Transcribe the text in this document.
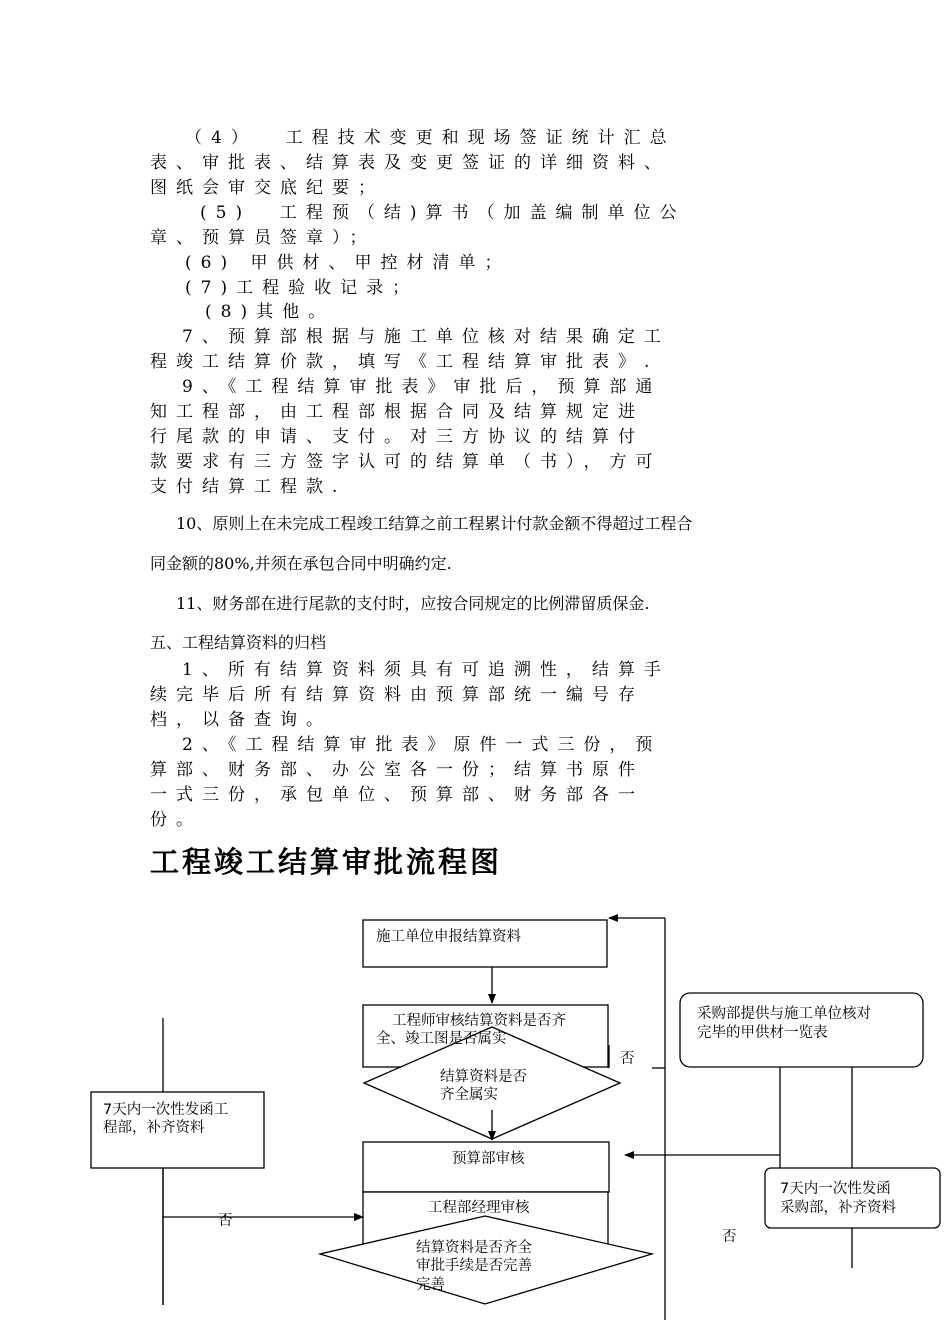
（4）  工程技术变更和现场签证统计汇总
表、审批表、结算表及变更签证的详细资料、
图纸会审交底纪要；
(5)  工程预（结)算书（加盖编制单位公
章、预算员签章）；
(6) 甲供材、甲控材清单；
(7)工程验收记录；
(8)其他。
7、预算部根据与施工单位核对结果确定工
程竣工结算价款，填写《工程结算审批表》.
9、《工程结算审批表》审批后，预算部通
知工程部，由工程部根据合同及结算规定进
行尾款的申请、支付。对三方协议的结算付
款要求有三方签字认可的结算单（书），方可
支付结算工程款.
10、原则上在未完成工程竣工结算之前工程累计付款金额不得超过工程合
同金额的80%,并须在承包合同中明确约定.
11、财务部在进行尾款的支付时，应按合同规定的比例滞留质保金.
五、工程结算资料的归档
1、所有结算资料须具有可追溯性，结算手
续完毕后所有结算资料由预算部统一编号存
档，以备查询。
2、《工程结算审批表》原件一式三份，预
算部、财务部、办公室各一份；结算书原件
一式三份，承包单位、预算部、财务部各一
份。
工程竣工结算审批流程图
施工单位申报结算资料
工程师审核结算资料是否齐
全、竣工图是否属实
结算资料是否
齐全属实
否
采购部提供与施工单位核对
完毕的甲供材一览表
7天内一次性发函工
程部，补齐资料
预算部审核
工程部经理审核
否
结算资料是否齐全
审批手续是否完善
完善
7天内一次性发函
采购部，补齐资料
否
